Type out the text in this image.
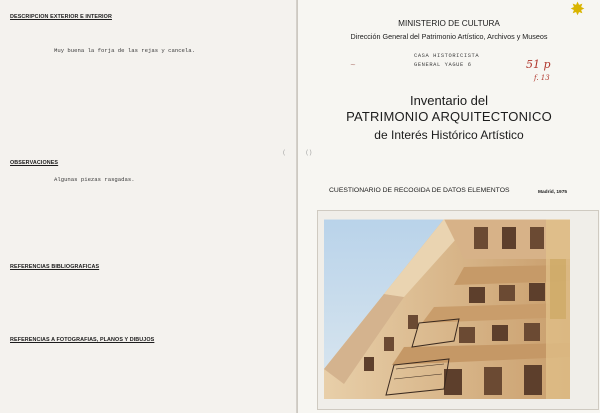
DESCRIPCION EXTERIOR E INTERIOR
Muy buena la forja de las rejas y cancela.
OBSERVACIONES
Algunas piezas rasgadas.
REFERENCIAS BIBLIOGRAFICAS
REFERENCIAS A FOTOGRAFIAS, PLANOS Y DIBUJOS
(	( )
✸
MINISTERIO DE CULTURA
Dirección General del Patrimonio Artístico, Archivos y Museos
CASA HISTORICISTA
GENERAL YAGUE 6	51 p
f. 13
~
Inventario del
PATRIMONIO ARQUITECTONICO
de Interés Histórico Artístico
CUESTIONARIO DE RECOGIDA DE DATOS ELEMENTOS	Madrid, 1975
